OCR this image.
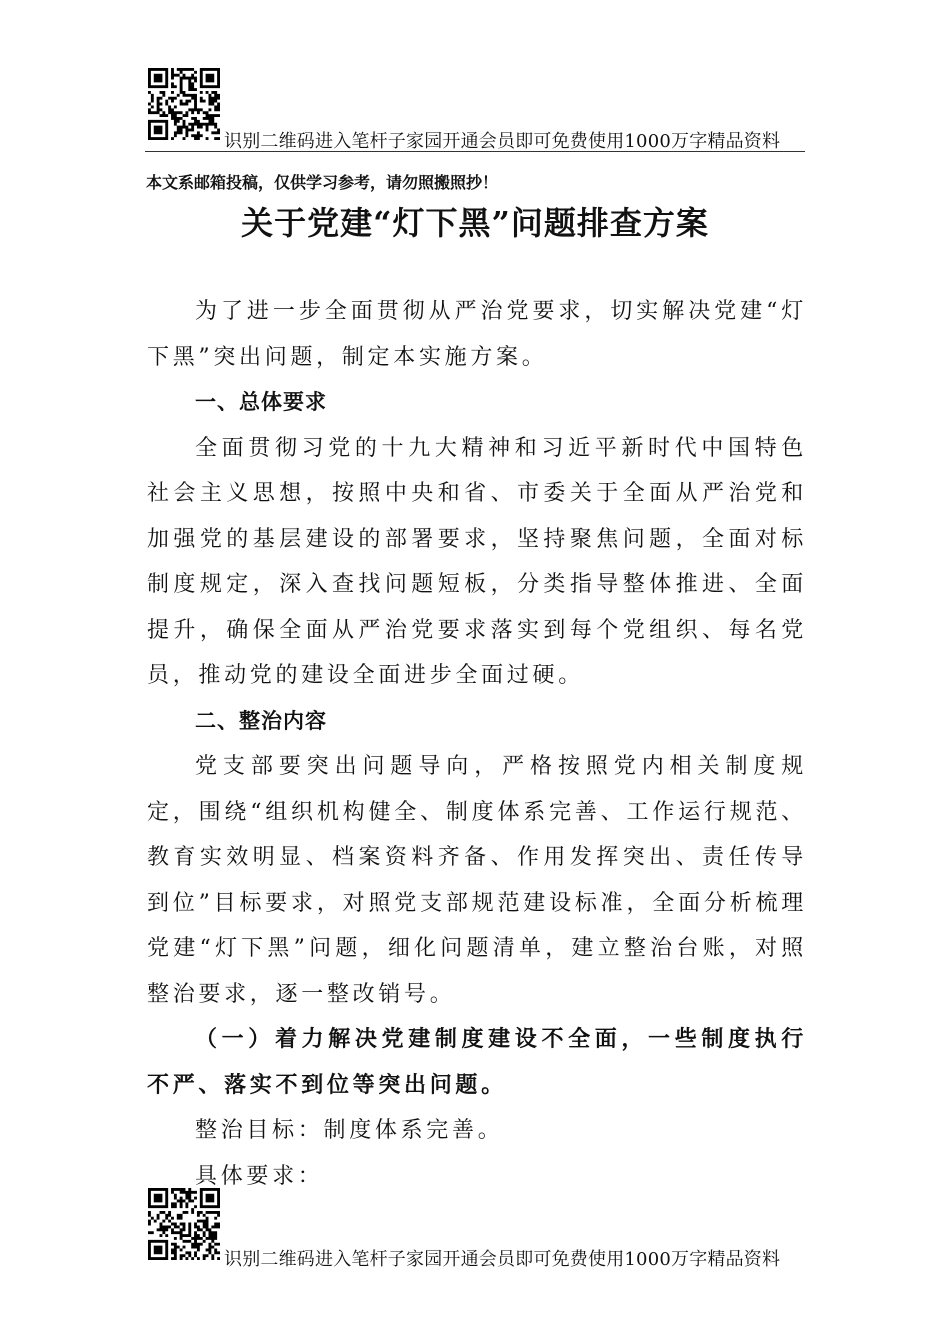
识别二维码进入笔杆子家园开通会员即可免费使用1000万字精品资料
本文系邮箱投稿，仅供学习参考，请勿照搬照抄！
关于党建“灯下黑”问题排查方案

为了进一步全面贯彻从严治党要求，切实解决党建“灯下黑”突出问题，制定本实施方案。

一、总体要求

全面贯彻习党的十九大精神和习近平新时代中国特色社会主义思想，按照中央和省、市委关于全面从严治党和加强党的基层建设的部署要求，坚持聚焦问题，全面对标制度规定，深入查找问题短板，分类指导整体推进、全面提升，确保全面从严治党要求落实到每个党组织、每名党员，推动党的建设全面进步全面过硬。

二、整治内容

党支部要突出问题导向，严格按照党内相关制度规定，围绕“组织机构健全、制度体系完善、工作运行规范、教育实效明显、档案资料齐备、作用发挥突出、责任传导到位”目标要求，对照党支部规范建设标准，全面分析梳理党建“灯下黑”问题，细化问题清单，建立整治台账，对照整治要求，逐一整改销号。

（一）着力解决党建制度建设不全面，一些制度执行不严、落实不到位等突出问题。

整治目标：制度体系完善。

具体要求：

识别二维码进入笔杆子家园开通会员即可免费使用1000万字精品资料
